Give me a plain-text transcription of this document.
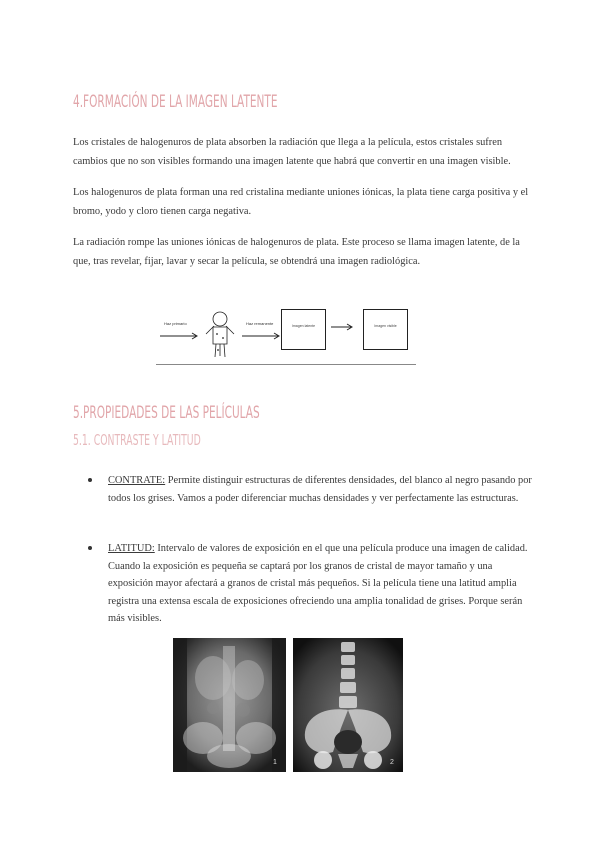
4.FORMACIÓN DE LA IMAGEN LATENTE

Los cristales de halogenuros de plata absorben la radiación que llega a la película, estos cristales sufren cambios que no son visibles formando una imagen latente que habrá que convertir en una imagen visible.

Los halogenuros de plata forman una red cristalina mediante uniones iónicas, la plata tiene carga positiva y el bromo, yodo y cloro tienen carga negativa.

La radiación rompe las uniones iónicas de halogenuros de plata. Este proceso se llama imagen latente, de la que, tras revelar, fijar, lavar y secar la película, se obtendrá una imagen radiológica.

Haz primario	Haz remanente	Imagen latente	Imagen visible
5.PROPIEDADES DE LAS PELÍCULAS
5.1. CONTRASTE Y LATITUD
CONTRATE: Permite distinguir estructuras de diferentes densidades, del blanco al negro pasando por todos los grises. Vamos a poder diferenciar muchas densidades y ver perfectamente las estructuras.
LATITUD: Intervalo de valores de exposición en el que una película produce una imagen de calidad. Cuando la exposición es pequeña se captará por los granos de cristal de mayor tamaño y una exposición mayor afectará a granos de cristal más pequeños. Si la película tiene una latitud amplia registra una extensa escala de exposiciones ofreciendo una amplia tonalidad de grises. Porque serán más visibles.
1	2
